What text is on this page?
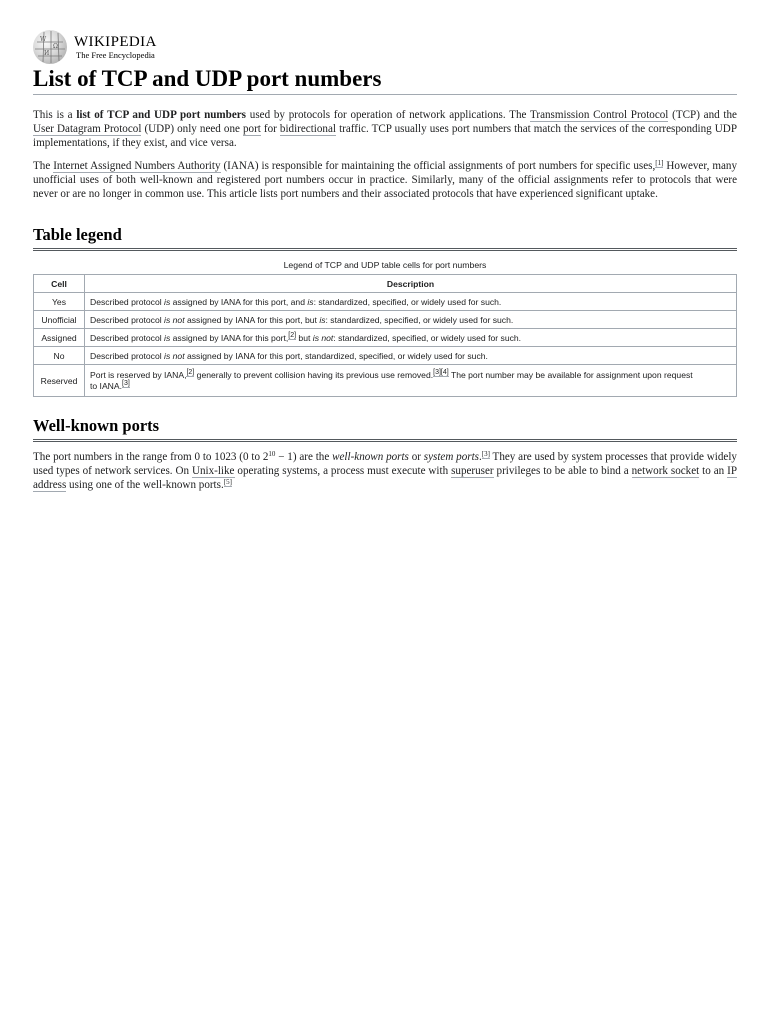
W
Ω
И
WIKIPEDIA
The Free Encyclopedia
List of TCP and UDP port numbers

This is a list of TCP and UDP port numbers used by protocols for operation of network applications. The Transmission Control Protocol (TCP) and the User Datagram Protocol (UDP) only need one port for bidirectional traffic. TCP usually uses port numbers that match the services of the corresponding UDP implementations, if they exist, and vice versa.

The Internet Assigned Numbers Authority (IANA) is responsible for maintaining the official assignments of port numbers for specific uses,[1] However, many unofficial uses of both well-known and registered port numbers occur in practice. Similarly, many of the official assignments refer to protocols that were never or are no longer in common use. This article lists port numbers and their associated protocols that have experienced significant uptake.

Table legend
Legend of TCP and UDP table cells for port numbers
Cell	Description
Yes	Described protocol is assigned by IANA for this port, and is: standardized, specified, or widely used for such.
Unofficial	Described protocol is not assigned by IANA for this port, but is: standardized, specified, or widely used for such.
Assigned	Described protocol is assigned by IANA for this port,[2] but is not: standardized, specified, or widely used for such.
No	Described protocol is not assigned by IANA for this port, standardized, specified, or widely used for such.
Reserved	Port is reserved by IANA,[2] generally to prevent collision having its previous use removed.[3][4] The port number may be available for assignment upon request
to IANA.[3]
Well-known ports

The port numbers in the range from 0 to 1023 (0 to $2^{10} - 1$) are the well-known ports or system ports.[3] They are used by system processes that provide widely used types of network services. On Unix-like operating systems, a process must execute with superuser privileges to be able to bind a network socket to an IP address using one of the well-known ports.[5]
